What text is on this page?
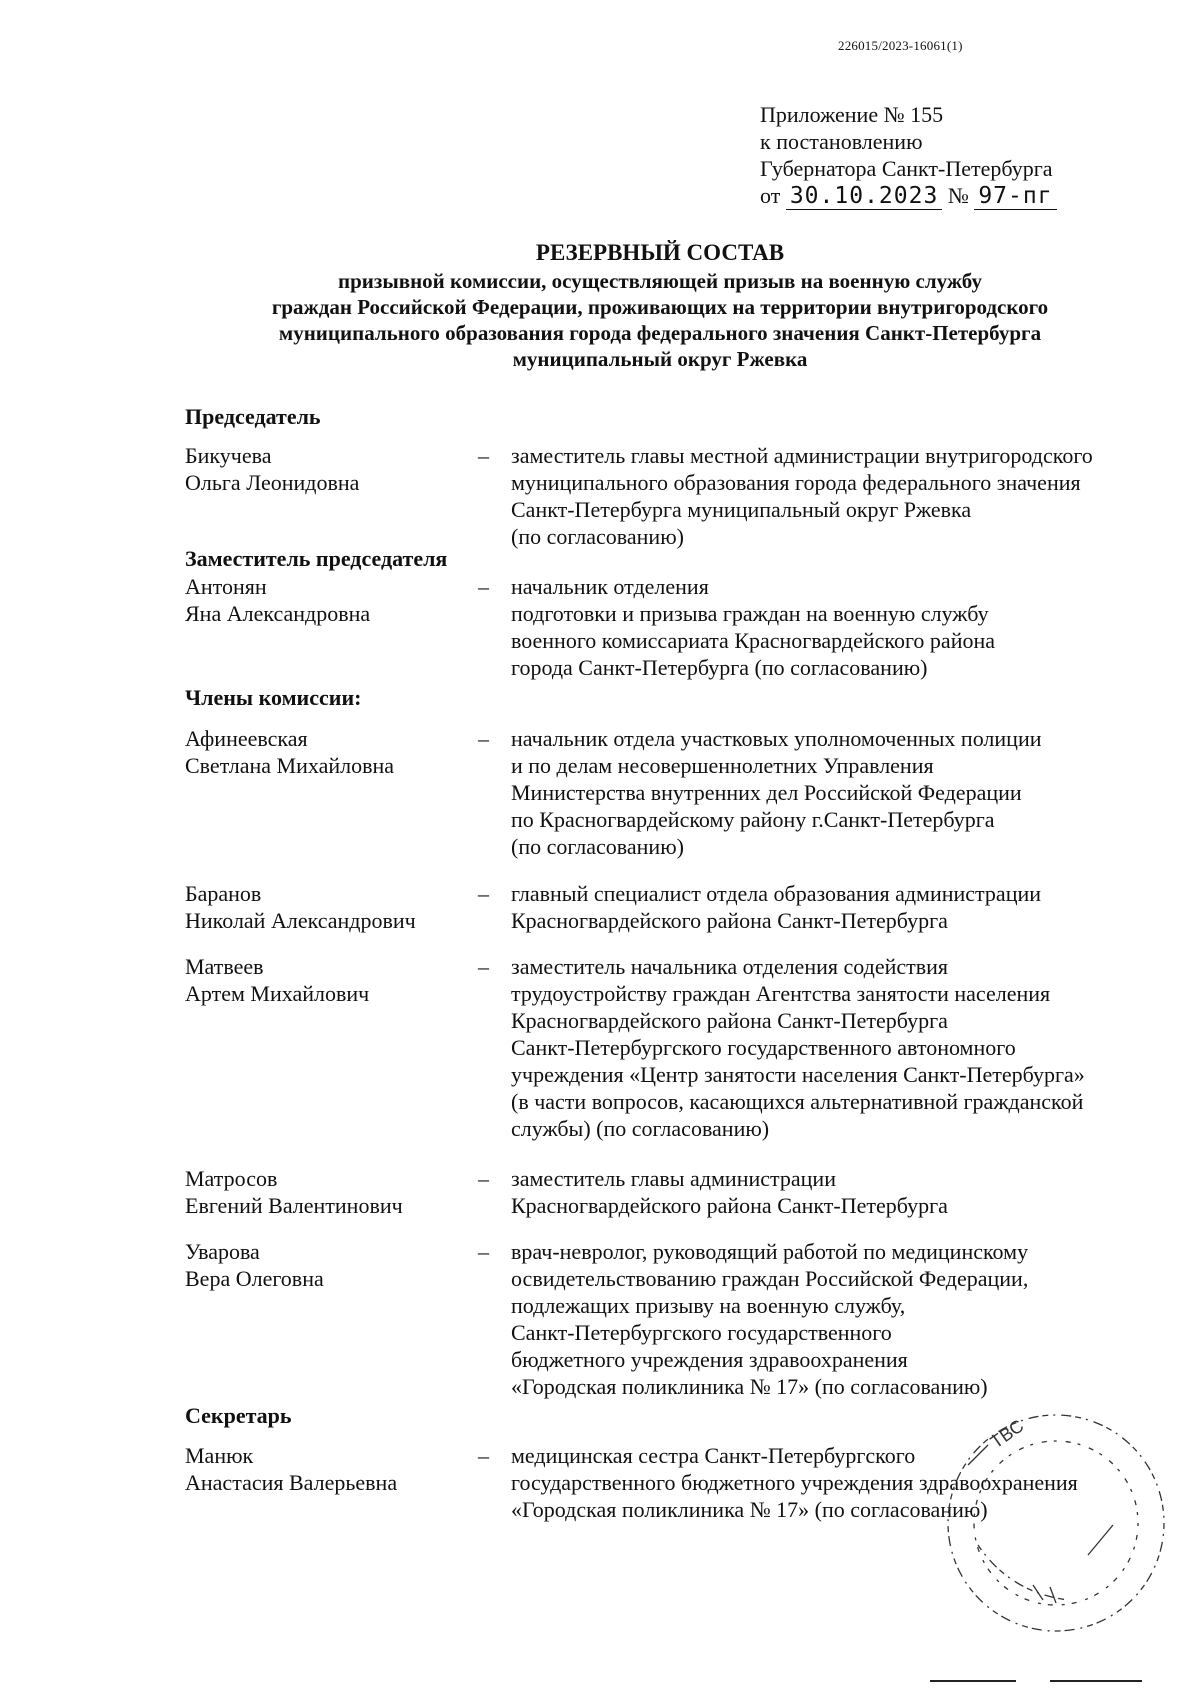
226015/2023-16061(1)
Приложение № 155
к постановлению
Губернатора Санкт-Петербурга
от 30.10.2023 № 97-пг
РЕЗЕРВНЫЙ СОСТАВ
призывной комиссии, осуществляющей призыв на военную службу
граждан Российской Федерации, проживающих на территории внутригородского
муниципального образования города федерального значения Санкт-Петербурга
муниципальный округ Ржевка
Председатель
Бикучева
Ольга Леонидовна
– заместитель главы местной администрации внутригородского
муниципального образования города федерального значения
Санкт-Петербурга муниципальный округ Ржевка
(по согласованию)
Заместитель председателя
Антонян
Яна Александровна
– начальник отделения
подготовки и призыва граждан на военную службу
военного комиссариата Красногвардейского района
города Санкт-Петербурга (по согласованию)
Члены комиссии:
Афинеевская
Светлана Михайловна
– начальник отдела участковых уполномоченных полиции
и по делам несовершеннолетних Управления
Министерства внутренних дел Российской Федерации
по Красногвардейскому району г.Санкт-Петербурга
(по согласованию)
Баранов
Николай Александрович
– главный специалист отдела образования администрации
Красногвардейского района Санкт-Петербурга
Матвеев
Артем Михайлович
– заместитель начальника отделения содействия
трудоустройству граждан Агентства занятости населения
Красногвардейского района Санкт-Петербурга
Санкт-Петербургского государственного автономного
учреждения «Центр занятости населения Санкт-Петербурга»
(в части вопросов, касающихся альтернативной гражданской
службы) (по согласованию)
Матросов
Евгений Валентинович
– заместитель главы администрации
Красногвардейского района Санкт-Петербурга
Уварова
Вера Олеговна
– врач-невролог, руководящий работой по медицинскому
освидетельствованию граждан Российской Федерации,
подлежащих призыву на военную службу,
Санкт-Петербургского государственного
бюджетного учреждения здравоохранения
«Городская поликлиника № 17» (по согласованию)
Секретарь
Манюк
Анастасия Валерьевна
– медицинская сестра Санкт-Петербургского
государственного бюджетного учреждения здравоохранения
«Городская поликлиника № 17» (по согласованию)
ТВС
